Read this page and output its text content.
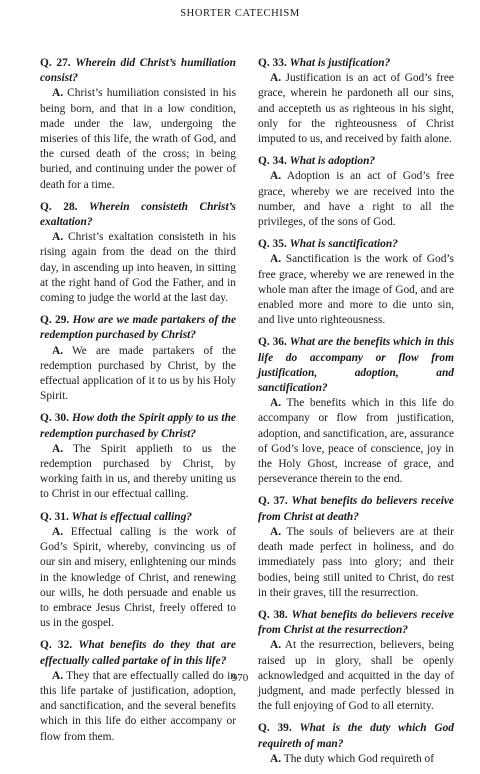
SHORTER CATECHISM
Q. 27. Wherein did Christ’s humiliation consist?
A. Christ’s humiliation consisted in his being born, and that in a low condition, made under the law, undergoing the miseries of this life, the wrath of God, and the cursed death of the cross; in being buried, and continuing under the power of death for a time.
Q. 28. Wherein consisteth Christ’s exaltation?
A. Christ’s exaltation consisteth in his rising again from the dead on the third day, in ascending up into heaven, in sitting at the right hand of God the Father, and in coming to judge the world at the last day.
Q. 29. How are we made partakers of the redemption purchased by Christ?
A. We are made partakers of the redemption purchased by Christ, by the effectual application of it to us by his Holy Spirit.
Q. 30. How doth the Spirit apply to us the redemption purchased by Christ?
A. The Spirit applieth to us the redemption purchased by Christ, by working faith in us, and thereby uniting us to Christ in our effectual calling.
Q. 31. What is effectual calling?
A. Effectual calling is the work of God’s Spirit, whereby, convincing us of our sin and misery, enlightening our minds in the knowledge of Christ, and renewing our wills, he doth persuade and enable us to embrace Jesus Christ, freely offered to us in the gospel.
Q. 32. What benefits do they that are effectually called partake of in this life?
A. They that are effectually called do in this life partake of justification, adoption, and sanctification, and the several benefits which in this life do either accompany or flow from them.
Q. 33. What is justification?
A. Justification is an act of God’s free grace, wherein he pardoneth all our sins, and accepteth us as righteous in his sight, only for the righteousness of Christ imputed to us, and received by faith alone.
Q. 34. What is adoption?
A. Adoption is an act of God’s free grace, whereby we are received into the number, and have a right to all the privileges, of the sons of God.
Q. 35. What is sanctification?
A. Sanctification is the work of God’s free grace, whereby we are renewed in the whole man after the image of God, and are enabled more and more to die unto sin, and live unto righteousness.
Q. 36. What are the benefits which in this life do accompany or flow from justification, adoption, and sanctification?
A. The benefits which in this life do accompany or flow from justification, adoption, and sanctification, are, assurance of God’s love, peace of conscience, joy in the Holy Ghost, increase of grace, and perseverance therein to the end.
Q. 37. What benefits do believers receive from Christ at death?
A. The souls of believers are at their death made perfect in holiness, and do immediately pass into glory; and their bodies, being still united to Christ, do rest in their graves, till the resurrection.
Q. 38. What benefits do believers receive from Christ at the resurrection?
A. At the resurrection, believers, being raised up in glory, shall be openly acknowledged and acquitted in the day of judgment, and made perfectly blessed in the full enjoying of God to all eternity.
Q. 39. What is the duty which God requireth of man?
A. The duty which God requireth of
970
